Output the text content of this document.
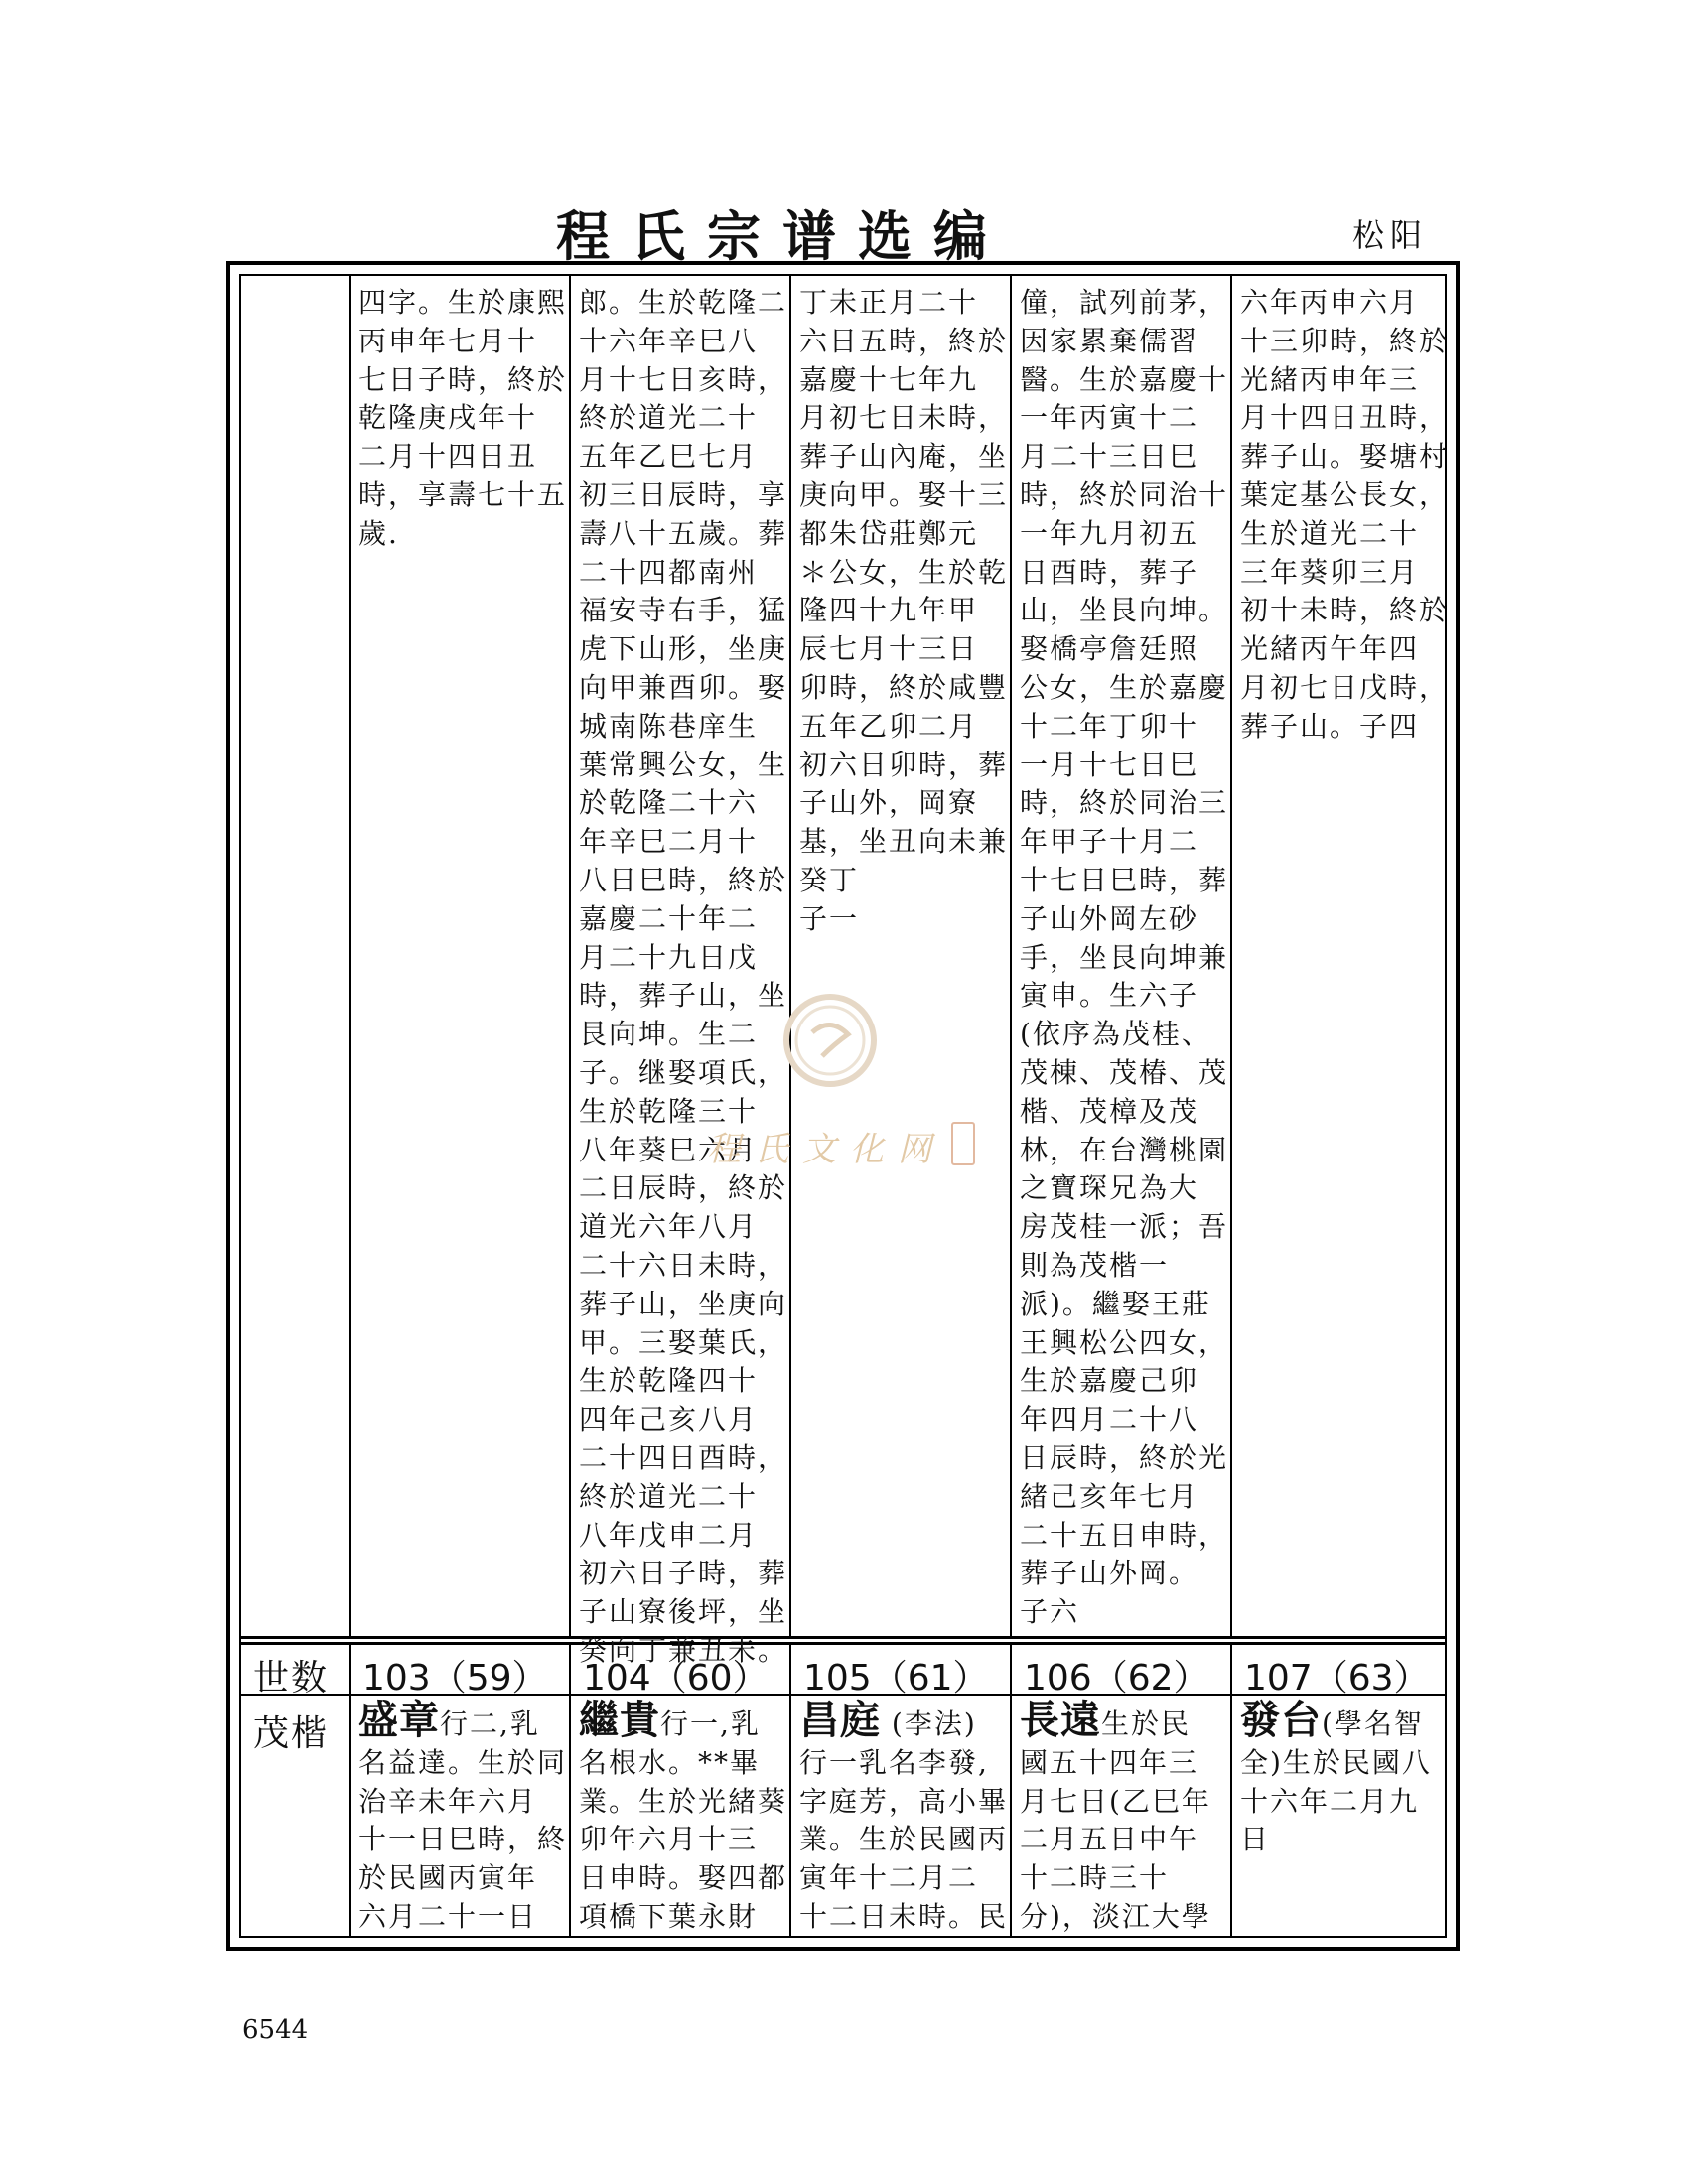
程氏宗谱选编	松阳
四字。生於康熙
丙申年七月十
七日子時，終於
乾隆庚戌年十
二月十四日丑
時，享壽七十五
歲.
郎。生於乾隆二
十六年辛巳八
月十七日亥時，
終於道光二十
五年乙巳七月
初三日辰時，享
壽八十五歲。葬
二十四都南州
福安寺右手，猛
虎下山形，坐庚
向甲兼酉卯。娶
城南陈巷庠生
葉常興公女，生
於乾隆二十六
年辛巳二月十
八日巳時，終於
嘉慶二十年二
月二十九日戊
時，葬子山，坐
艮向坤。生二
子。继娶項氏，
生於乾隆三十
八年葵巳六月
二日辰時，終於
道光六年八月
二十六日未時，
葬子山，坐庚向
甲。三娶葉氏，
生於乾隆四十
四年己亥八月
二十四日酉時，
終於道光二十
八年戊申二月
初六日子時，葬
子山寮後坪，坐
癸向丁兼丑未。
丁未正月二十
六日五時，終於
嘉慶十七年九
月初七日未時，
葬子山內庵，坐
庚向甲。娶十三
都朱岱莊鄭元
＊公女，生於乾
隆四十九年甲
辰七月十三日
卯時，終於咸豐
五年乙卯二月
初六日卯時，葬
子山外，岡寮
基，坐丑向未兼
癸丁
子一
僮，試列前茅，
因家累棄儒習
醫。生於嘉慶十
一年丙寅十二
月二十三日巳
時，終於同治十
一年九月初五
日酉時，葬子
山，坐艮向坤。
娶橋亭詹廷照
公女，生於嘉慶
十二年丁卯十
一月十七日巳
時，終於同治三
年甲子十月二
十七日巳時，葬
子山外岡左砂
手，坐艮向坤兼
寅申。生六子
(依序為茂桂、
茂棟、茂椿、茂
楷、茂樟及茂
林，在台灣桃園
之寶琛兄為大
房茂桂一派；吾
則為茂楷一
派)。繼娶王莊
王興松公四女，
生於嘉慶己卯
年四月二十八
日辰時，終於光
緒己亥年七月
二十五日申時，
葬子山外岡。
子六
六年丙申六月
十三卯時，終於
光緒丙申年三
月十四日丑時，
葬子山。娶塘村
葉定基公長女，
生於道光二十
三年葵卯三月
初十未時，終於
光緒丙午年四
月初七日戊時，
葬子山。子四
世数 103（59） 104（60） 105（61） 106（62） 107（63）
茂楷 盛章行二,乳
名益達。生於同
治辛未年六月
十一日巳時，終
於民國丙寅年
六月二十一日
繼貴行一,乳
名根水。**畢
業。生於光緒葵
卯年六月十三
日申時。娶四都
項橋下葉永財
昌庭 (李法)
行一乳名李發,
字庭芳，高小畢
業。生於民國丙
寅年十二月二
十二日未時。民
長遠生於民
國五十四年三
月七日(乙巳年
二月五日中午
十二時三十
分)，淡江大學
發台(學名智
全)生於民國八
十六年二月九
日
程氏文化网
6544
